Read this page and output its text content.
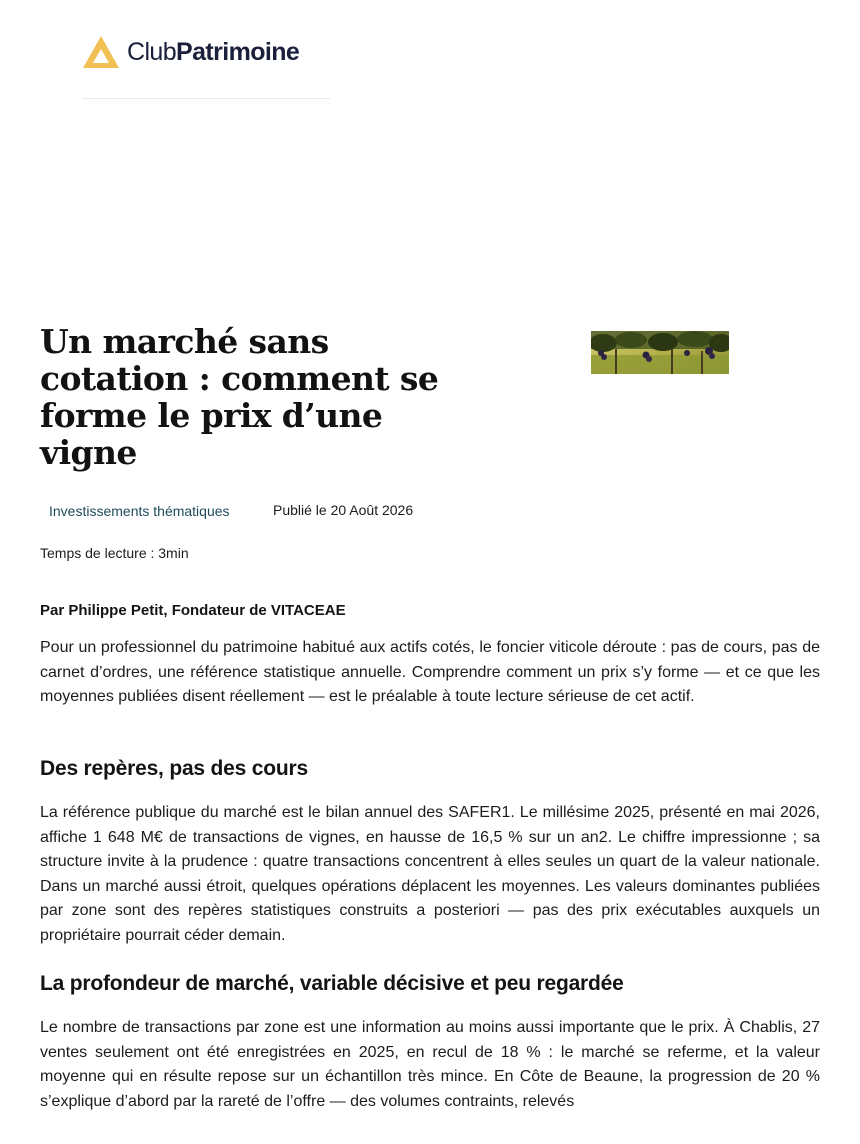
ClubPatrimoine
Un marché sans cotation : comment se forme le prix d’une vigne
Investissements thématiques	Publié le 20 Août 2026
Temps de lecture : 3min

Par Philippe Petit, Fondateur de VITACEAE

Pour un professionnel du patrimoine habitué aux actifs cotés, le foncier viticole déroute : pas de cours, pas de carnet d’ordres, une référence statistique annuelle. Comprendre comment un prix s’y forme — et ce que les moyennes publiées disent réellement — est le préalable à toute lecture sérieuse de cet actif.

Des repères, pas des cours

La référence publique du marché est le bilan annuel des SAFER1. Le millésime 2025, présenté en mai 2026, affiche 1 648 M€ de transactions de vignes, en hausse de 16,5 % sur un an2. Le chiffre impressionne ; sa structure invite à la prudence : quatre transactions concentrent à elles seules un quart de la valeur nationale. Dans un marché aussi étroit, quelques opérations déplacent les moyennes. Les valeurs dominantes publiées par zone sont des repères statistiques construits a posteriori — pas des prix exécutables auxquels un propriétaire pourrait céder demain.

La profondeur de marché, variable décisive et peu regardée

Le nombre de transactions par zone est une information au moins aussi importante que le prix. À Chablis, 27 ventes seulement ont été enregistrées en 2025, en recul de 18 % : le marché se referme, et la valeur moyenne qui en résulte repose sur un échantillon très mince. En Côte de Beaune, la progression de 20 % s’explique d’abord par la rareté de l’offre — des volumes contraints, relevés
